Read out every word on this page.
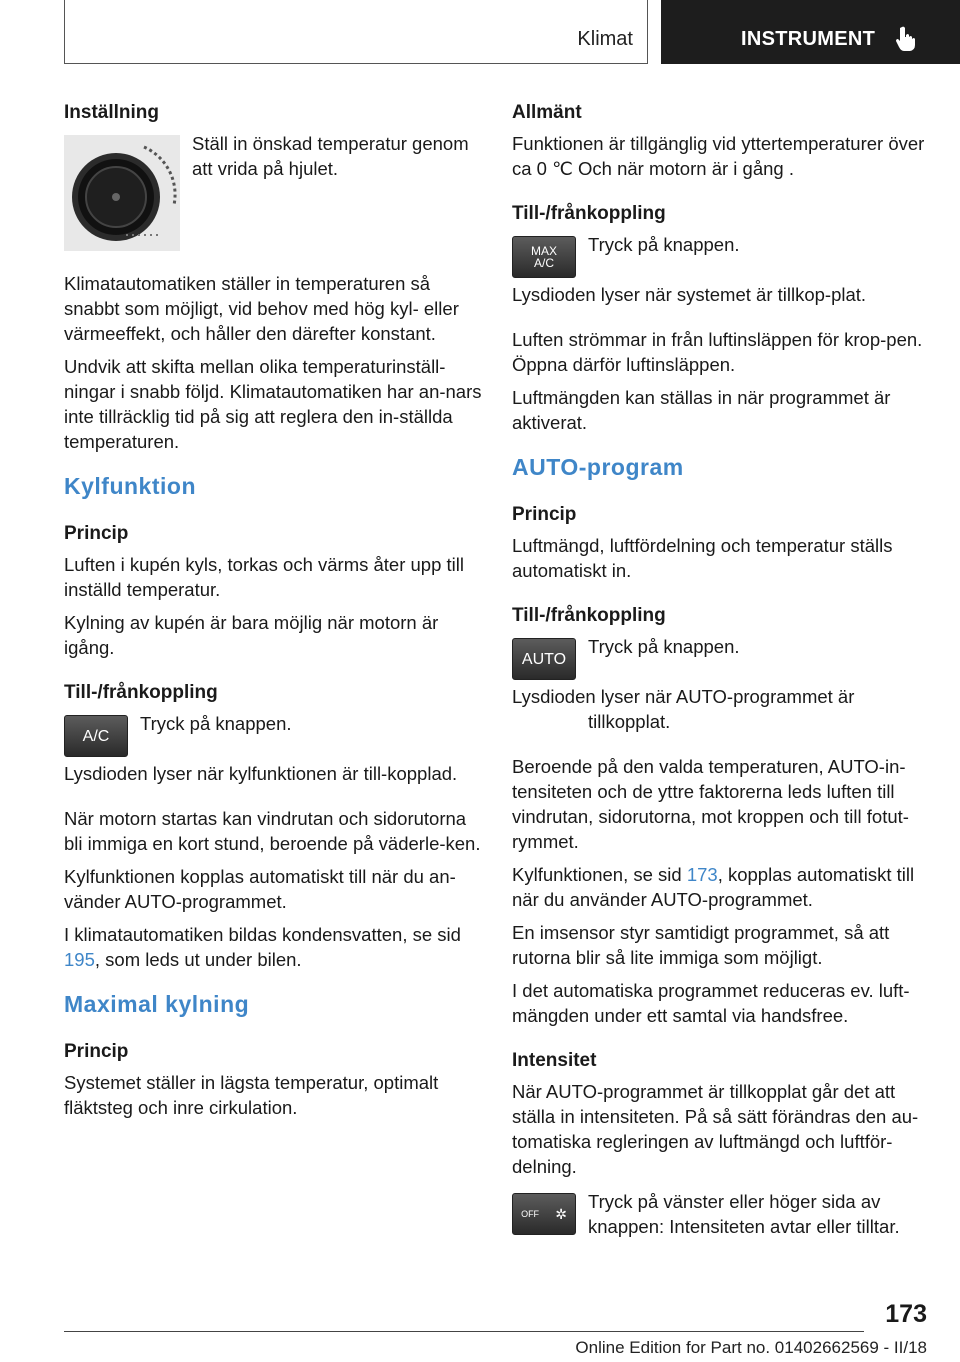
Klimat	INSTRUMENT
Inställning

Ställ in önskad temperatur genom att vrida på hjulet.

Klimatautomatiken ställer in temperaturen så snabbt som möjligt, vid behov med hög kyl- eller värmeeffekt, och håller den därefter konstant.

Undvik att skifta mellan olika temperaturinställ-ningar i snabb följd. Klimatautomatiken har an-nars inte tillräcklig tid på sig att reglera den in-ställda temperaturen.

Kylfunktion
Princip

Luften i kupén kyls, torkas och värms åter upp till inställd temperatur.

Kylning av kupén är bara möjlig när motorn är igång.

Till-/frånkoppling
A/C

Tryck på knappen.

Lysdioden lyser när kylfunktionen är till-kopplad.

När motorn startas kan vindrutan och sidorutorna bli immiga en kort stund, beroende på väderle-ken.

Kylfunktionen kopplas automatiskt till när du an-vänder AUTO-programmet.

I klimatautomatiken bildas kondensvatten, se sid 195, som leds ut under bilen.

Maximal kylning
Princip

Systemet ställer in lägsta temperatur, optimalt fläktsteg och inre cirkulation.

Allmänt

Funktionen är tillgänglig vid yttertemperaturer över ca 0 ℃ Och när motorn är i gång .

Till-/frånkoppling
MAX
A/C

Tryck på knappen.

Lysdioden lyser när systemet är tillkop-plat.

Luften strömmar in från luftinsläppen för krop-pen. Öppna därför luftinsläppen.

Luftmängden kan ställas in när programmet är aktiverat.

AUTO-program
Princip

Luftmängd, luftfördelning och temperatur ställs automatiskt in.

Till-/frånkoppling
AUTO

Tryck på knappen.

Lysdioden lyser när AUTO-programmet är tillkopplat.

Beroende på den valda temperaturen, AUTO-in-tensiteten och de yttre faktorerna leds luften till vindrutan, sidorutorna, mot kroppen och till fotut-rymmet.

Kylfunktionen, se sid 173, kopplas automatiskt till när du använder AUTO-programmet.

En imsensor styr samtidigt programmet, så att rutorna blir så lite immiga som möjligt.

I det automatiska programmet reduceras ev. luft-mängden under ett samtal via handsfree.

Intensitet

När AUTO-programmet är tillkopplat går det att ställa in intensiteten. På så sätt förändras den au-tomatiska regleringen av luftmängd och luftför-delning.

OFF ✲

Tryck på vänster eller höger sida av knappen: Intensiteten avtar eller tilltar.

173
Online Edition for Part no. 01402662569 - II/18
